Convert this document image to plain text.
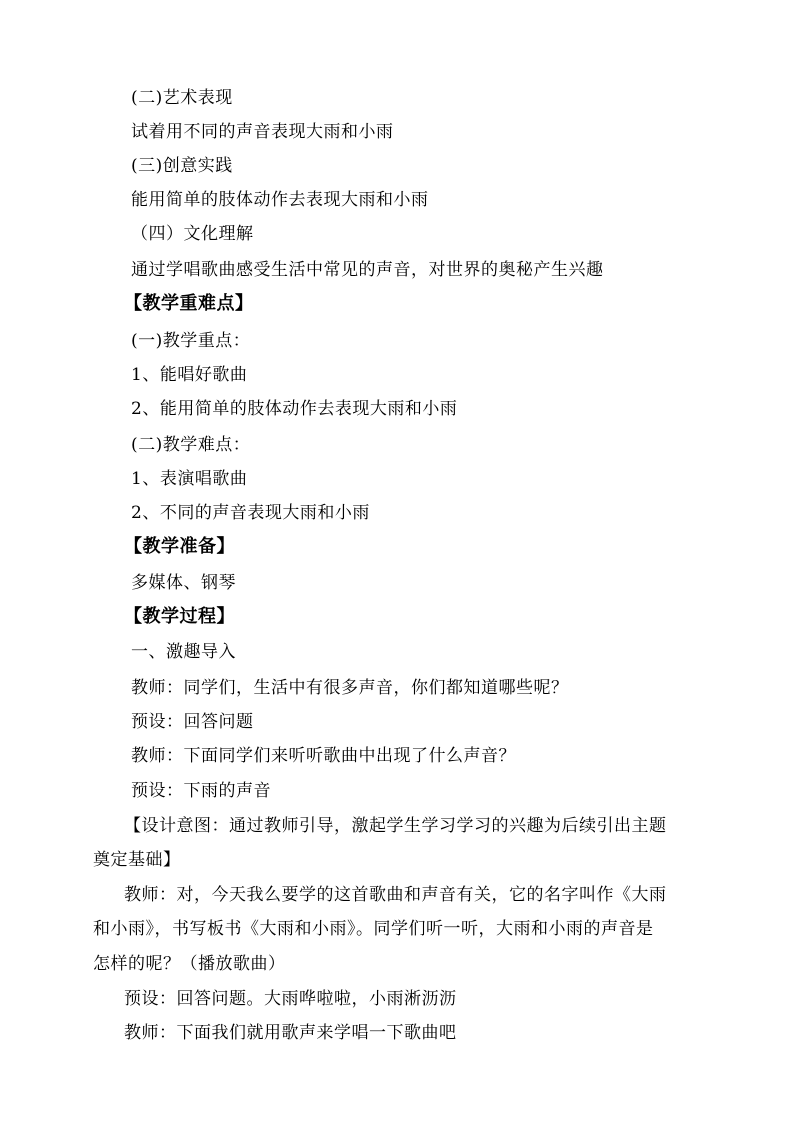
(二)艺术表现
试着用不同的声音表现大雨和小雨
(三)创意实践
能用简单的肢体动作去表现大雨和小雨
（四）文化理解
通过学唱歌曲感受生活中常见的声音，对世界的奥秘产生兴趣
【教学重难点】
(一)教学重点：
1、能唱好歌曲
2、能用简单的肢体动作去表现大雨和小雨
(二)教学难点：
1、表演唱歌曲
2、不同的声音表现大雨和小雨
【教学准备】
多媒体、钢琴
【教学过程】
一、激趣导入
教师：同学们，生活中有很多声音，你们都知道哪些呢？
预设：回答问题
教师：下面同学们来听听歌曲中出现了什么声音？
预设：下雨的声音
【设计意图：通过教师引导，激起学生学习学习的兴趣为后续引出主题
奠定基础】
教师：对，今天我么要学的这首歌曲和声音有关，它的名字叫作《大雨
和小雨》，书写板书《大雨和小雨》。同学们听一听，大雨和小雨的声音是
怎样的呢？（播放歌曲）
预设：回答问题。大雨哗啦啦，小雨淅沥沥
教师：下面我们就用歌声来学唱一下歌曲吧
